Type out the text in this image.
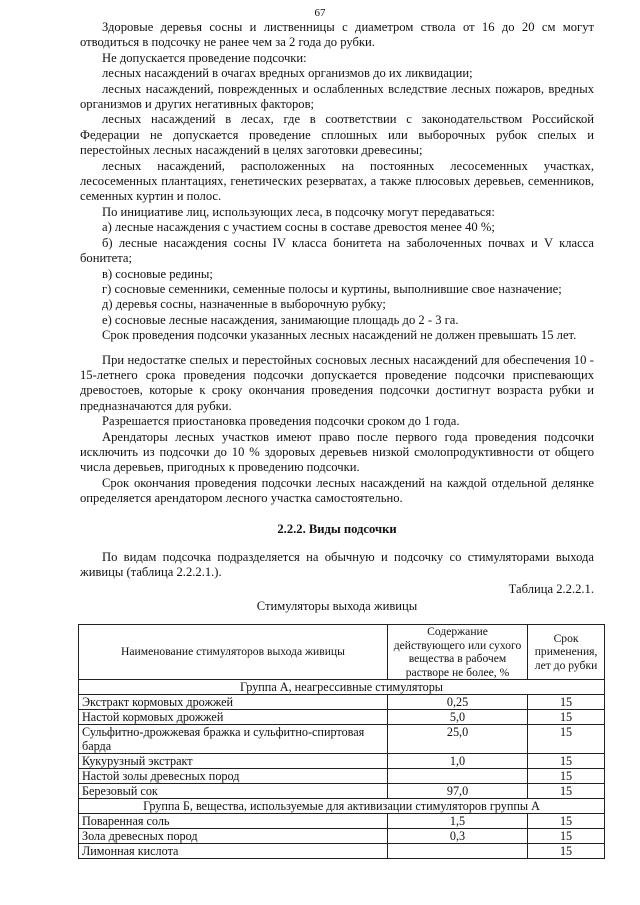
67

Здоровые деревья сосны и лиственницы с диаметром ствола от 16 до 20 см могут отводиться в подсочку не ранее чем за 2 года до рубки.

Не допускается проведение подсочки:

лесных насаждений в очагах вредных организмов до их ликвидации;

лесных насаждений, поврежденных и ослабленных вследствие лесных пожаров, вредных организмов и других негативных факторов;

лесных насаждений в лесах, где в соответствии с законодательством Российской Федерации не допускается проведение сплошных или выборочных рубок спелых и перестойных лесных насаждений в целях заготовки древесины;

лесных насаждений, расположенных на постоянных лесосеменных участках, лесосеменных плантациях, генетических резерватах, а также плюсовых деревьев, семенников, семенных куртин и полос.

По инициативе лиц, использующих леса, в подсочку могут передаваться:

а) лесные насаждения с участием сосны в составе древостоя менее 40 %;

б) лесные насаждения сосны IV класса бонитета на заболоченных почвах и V класса бонитета;

в) сосновые редины;

г) сосновые семенники, семенные полосы и куртины, выполнившие свое назначение;

д) деревья сосны, назначенные в выборочную рубку;

е) сосновые лесные насаждения, занимающие площадь до 2 - 3 га.

Срок проведения подсочки указанных лесных насаждений не должен превышать 15 лет.

При недостатке спелых и перестойных сосновых лесных насаждений для обеспечения 10 - 15-летнего срока проведения подсочки допускается проведение подсочки приспевающих древостоев, которые к сроку окончания проведения подсочки достигнут возраста рубки и предназначаются для рубки.

Разрешается приостановка проведения подсочки сроком до 1 года.

Арендаторы лесных участков имеют право после первого года проведения подсочки исключить из подсочки до 10 % здоровых деревьев низкой смолопродуктивности от общего числа деревьев, пригодных к проведению подсочки.

Срок окончания проведения подсочки лесных насаждений на каждой отдельной делянке определяется арендатором лесного участка самостоятельно.

2.2.2. Виды подсочки

По видам подсочка подразделяется на обычную и подсочку со стимуляторами выхода живицы (таблица 2.2.2.1.).

Таблица 2.2.2.1.

Стимуляторы выхода живицы

Наименование стимуляторов выхода живицы	Содержание действующего или сухого вещества в рабочем растворе не более, %	Срок применения, лет до рубки
Группа А, неагрессивные стимуляторы		
Экстракт кормовых дрожжей	0,25	15
Настой кормовых дрожжей	5,0	15
Сульфитно-дрожжевая бражка и сульфитно-спиртовая барда	25,0	15
Кукурузный экстракт	1,0	15
Настой золы древесных пород		15
Березовый сок	97,0	15
Группа Б, вещества, используемые для активизации стимуляторов группы А		
Поваренная соль	1,5	15
Зола древесных пород	0,3	15
Лимонная кислота		15
